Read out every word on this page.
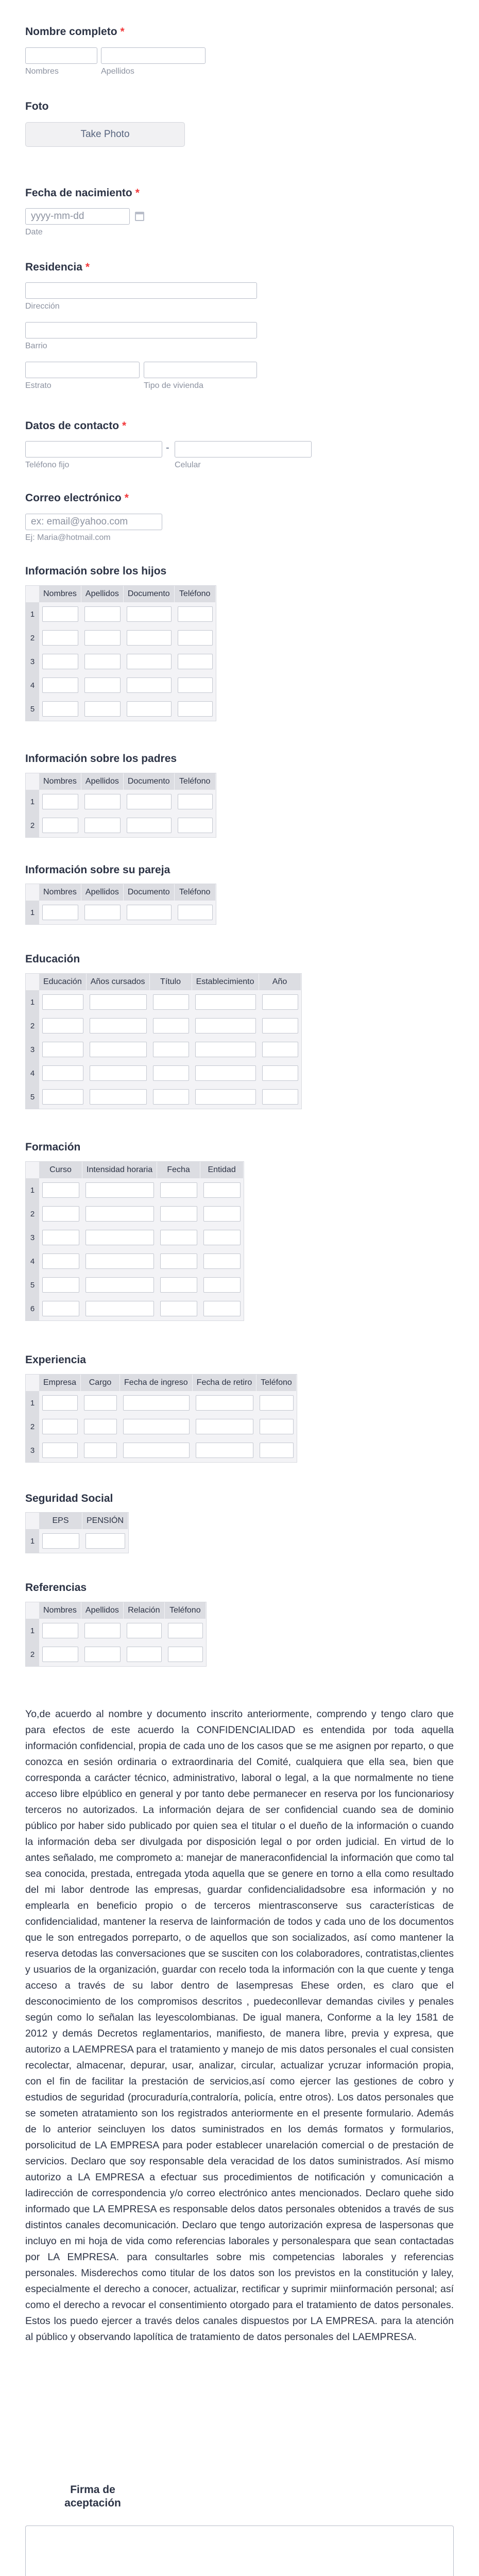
Nombre completo *
Nombres	Apellidos
Foto
Take Photo
Fecha de nacimiento *
yyyy-mm-dd
Date
Residencia *
Dirección
Barrio
Estrato	Tipo de vivienda
Datos de contacto *
-
Teléfono fijo	Celular
Correo electrónico *
ex: email@yahoo.com
Ej: Maria@hotmail.com
Información sobre los hijos
	Nombres	Apellidos	Documento	Teléfono
1				
2				
3				
4				
5				
Información sobre los padres
	Nombres	Apellidos	Documento	Teléfono
1				
2				
Información sobre su pareja
	Nombres	Apellidos	Documento	Teléfono
1				
Educación
	Educación	Años cursados	Título	Establecimiento	Año
1					
2					
3					
4					
5					
Formación
	Curso	Intensidad horaria	Fecha	Entidad
1				
2				
3				
4				
5				
6				
Experiencia
	Empresa	Cargo	Fecha de ingreso	Fecha de retiro	Teléfono
1					
2					
3					
Seguridad Social
	EPS	PENSIÓN
1		
Referencias
	Nombres	Apellidos	Relación	Teléfono
1				
2				
Yo,de acuerdo al nombre y documento inscrito anteriormente, comprendo y tengo claro que para efectos de este acuerdo la CONFIDENCIALIDAD es entendida por toda aquella información confidencial, propia de cada uno de los casos que se me asignen por reparto, o que conozca en sesión ordinaria o extraordinaria del Comité, cualquiera que ella sea, bien que corresponda a carácter técnico, administrativo, laboral o legal, a la que normalmente no tiene acceso libre elpúblico en general y por tanto debe permanecer en reserva por los funcionariosy terceros no autorizados. La información dejara de ser confidencial cuando sea de dominio público por haber sido publicado por quien sea el titular o el dueño de la información o cuando la información deba ser divulgada por disposición legal o por orden judicial. En virtud de lo antes señalado, me comprometo a: manejar de maneraconfidencial la información que como tal sea conocida, prestada, entregada ytoda aquella que se genere en torno a ella como resultado del mi labor dentrode las empresas, guardar confidencialidadsobre esa información y no emplearla en beneficio propio o de terceros mientrasconserve sus características de confidencialidad, mantener la reserva de lainformación de todos y cada uno de los documentos que le son entregados porreparto, o de aquellos que son socializados, así como mantener la reserva detodas las conversaciones que se susciten con los colaboradores, contratistas,clientes y usuarios de la organización, guardar con recelo toda la información con la que cuente y tenga acceso a través de su labor dentro de lasempresas Ehese orden, es claro que el desconocimiento de los compromisos descritos , puedeconllevar demandas civiles y penales según como lo señalan las leyescolombianas. De igual manera, Conforme a la ley 1581 de 2012 y demás Decretos reglamentarios, manifiesto, de manera libre, previa y expresa, que autorizo a LAEMPRESA para el tratamiento y manejo de mis datos personales el cual consisten recolectar, almacenar, depurar, usar, analizar, circular, actualizar ycruzar información propia, con el fin de facilitar la prestación de servicios,así como ejercer las gestiones de cobro y estudios de seguridad (procuraduría,contraloría, policía, entre otros). Los datos personales que se someten atratamiento son los registrados anteriormente en el presente formulario. Además de lo anterior seincluyen los datos suministrados en los demás formatos y formularios, porsolicitud de LA EMPRESA para poder establecer unarelación comercial o de prestación de servicios. Declaro que soy responsable dela veracidad de los datos suministrados. Así mismo autorizo a LA EMPRESA a efectuar sus procedimientos de notificación y comunicación a ladirección de correspondencia y/o correo electrónico antes mencionados. Declaro quehe sido informado que LA EMPRESA es responsable delos datos personales obtenidos a través de sus distintos canales decomunicación. Declaro que tengo autorización expresa de laspersonas que incluyo en mi hoja de vida como referencias laborales y personalespara que sean contactadas por LA EMPRESA. para consultarles sobre mis competencias laborales y referencias personales. Misderechos como titular de los datos son los previstos en la constitución y laley, especialmente el derecho a conocer, actualizar, rectificar y suprimir miinformación personal; así como el derecho a revocar el consentimiento otorgado para el tratamiento de datos personales. Estos los puedo ejercer a través delos canales dispuestos por LA EMPRESA. para la atención al público y observando lapolítica de tratamiento de datos personales del LAEMPRESA.
Firma de aceptación
